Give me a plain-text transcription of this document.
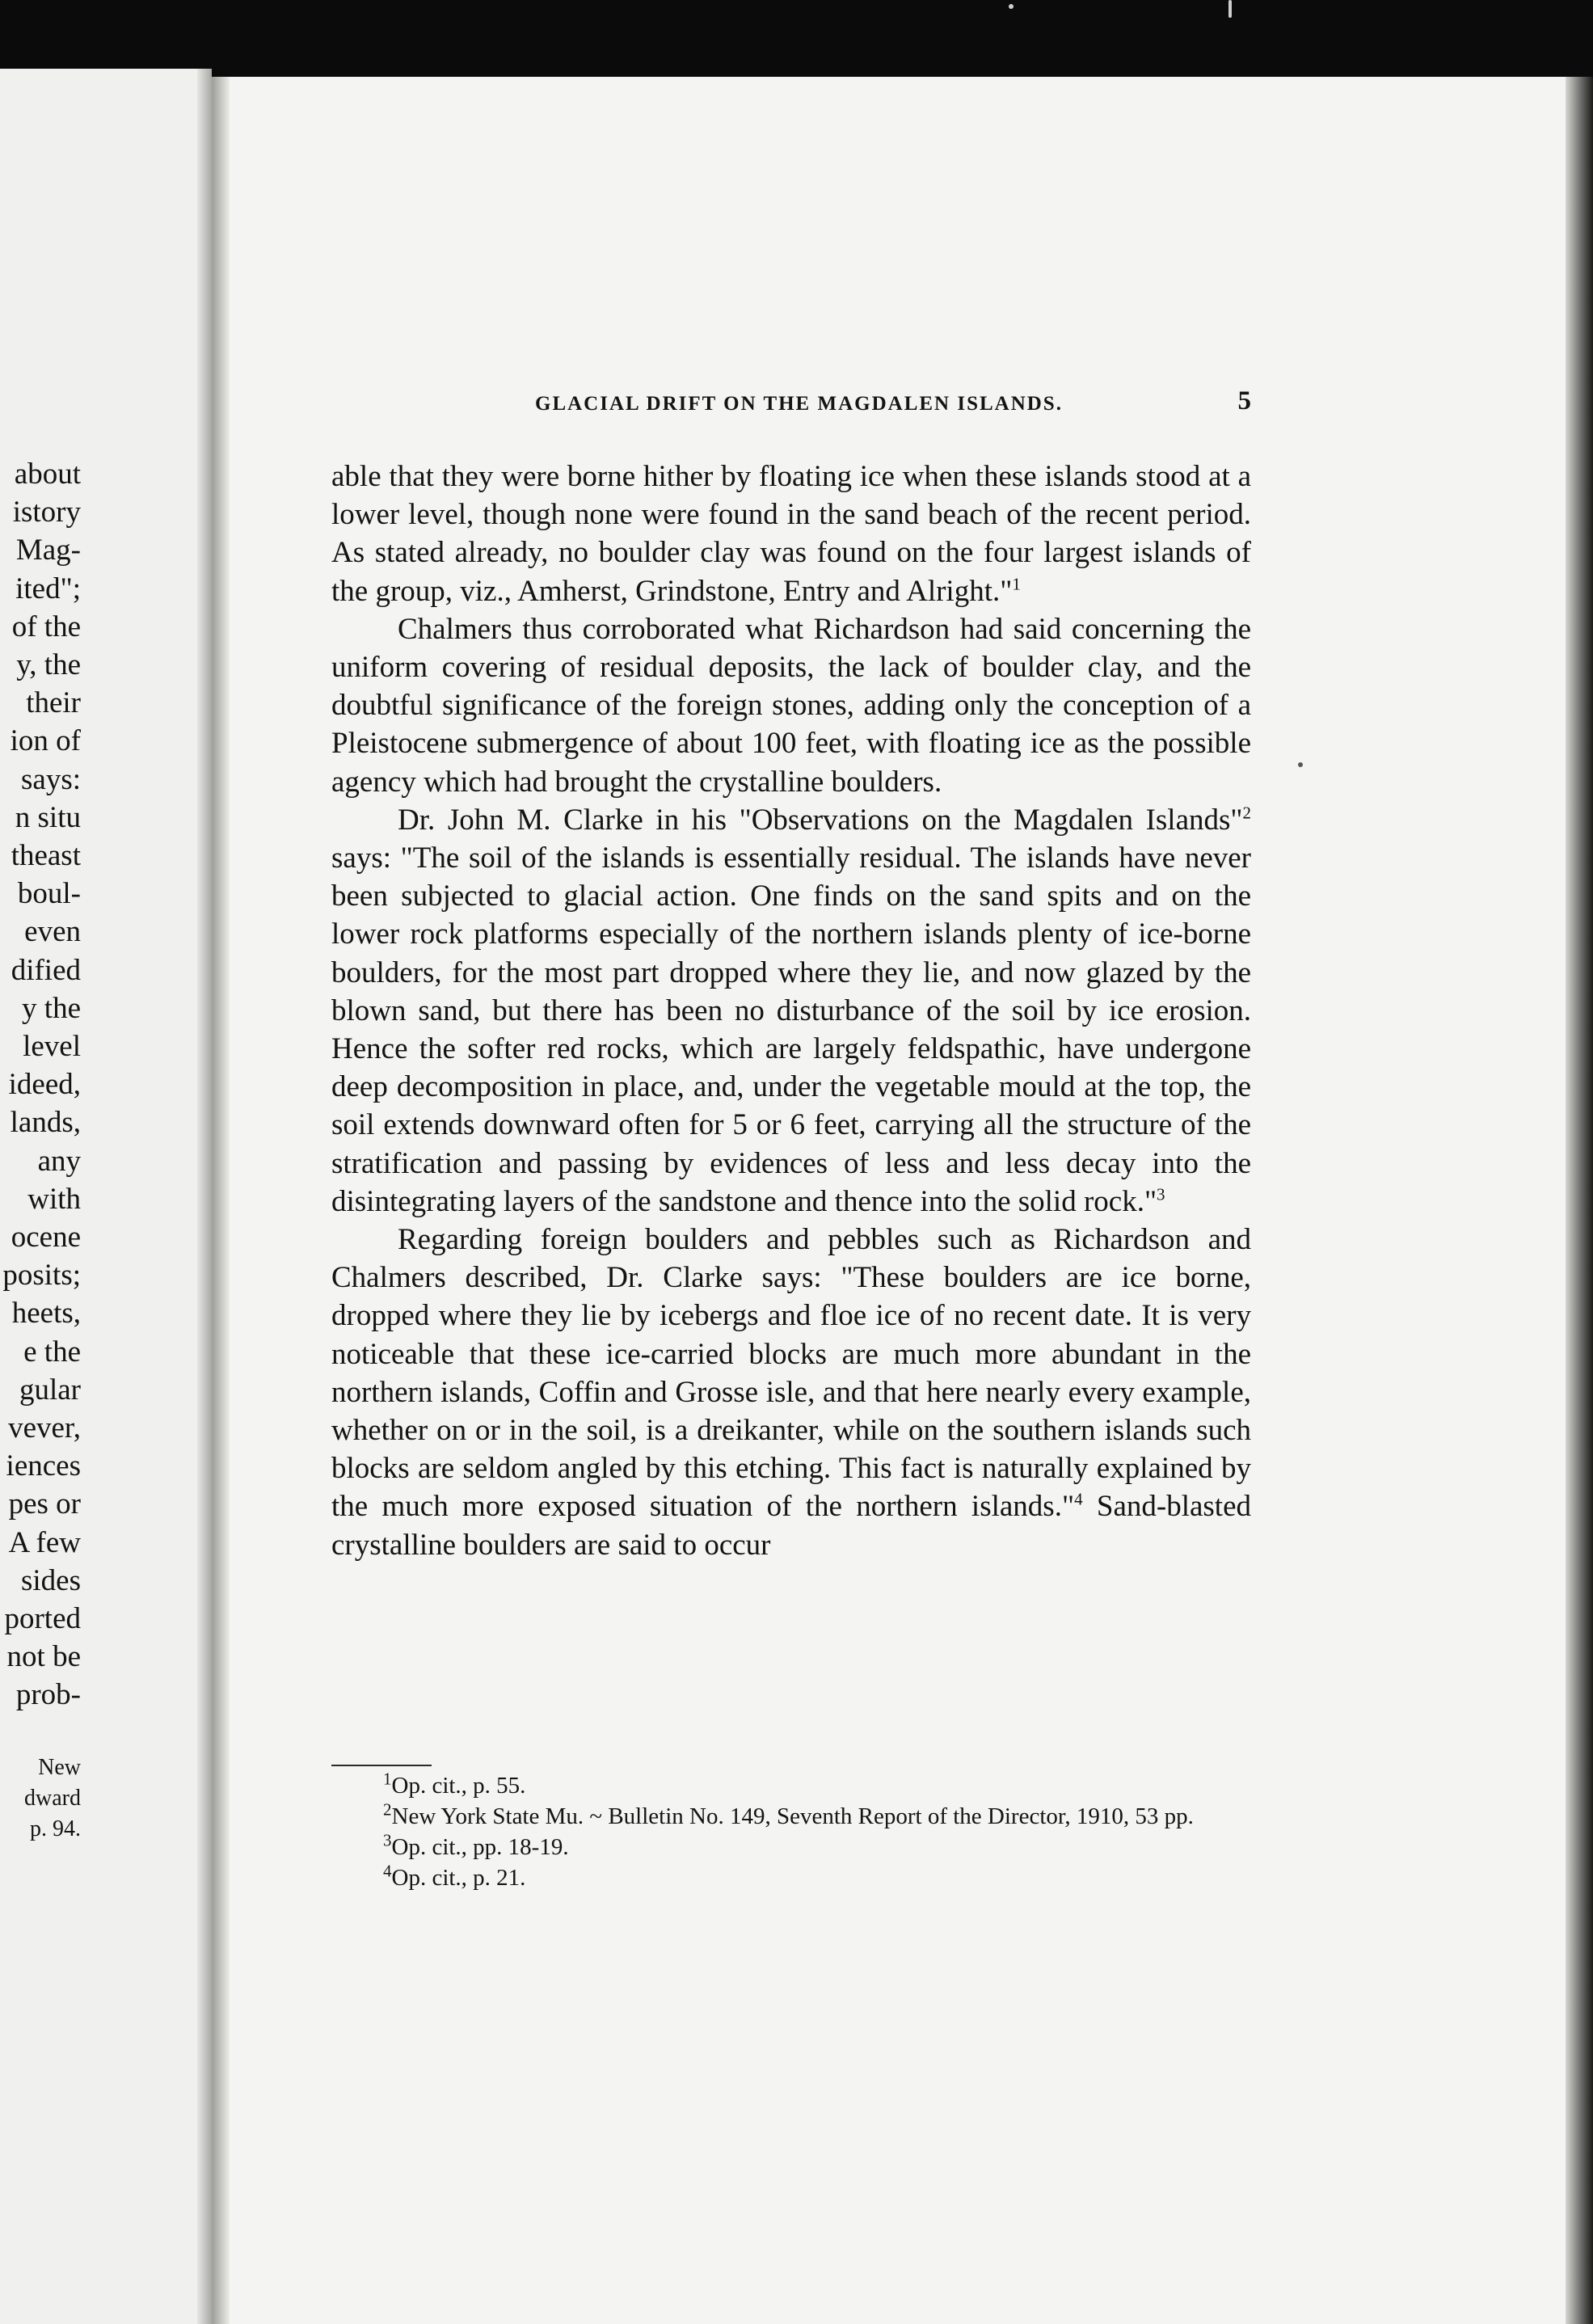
about

istory

Mag-

ited";

of the

y, the

their

ion of

says:

n situ

theast

boul-

even

dified

y the

level

ideed,

lands,

any

with

ocene

posits;

heets,

e the

gular

vever,

iences

pes or

A few

sides

ported

not be

prob-

New

dward

p. 94.

GLACIAL DRIFT ON THE MAGDALEN ISLANDS.	5

able that they were borne hither by floating ice when these islands stood at a lower level, though none were found in the sand beach of the recent period. As stated already, no boulder clay was found on the four largest islands of the group, viz., Amherst, Grindstone, Entry and Alright."$^1$

Chalmers thus corroborated what Richardson had said concerning the uniform covering of residual deposits, the lack of boulder clay, and the doubtful significance of the foreign stones, adding only the conception of a Pleistocene submergence of about 100 feet, with floating ice as the possible agency which had brought the crystalline boulders.

Dr. John M. Clarke in his "Observations on the Magdalen Islands"$^2$ says: "The soil of the islands is essentially residual. The islands have never been subjected to glacial action. One finds on the sand spits and on the lower rock platforms especially of the northern islands plenty of ice-borne boulders, for the most part dropped where they lie, and now glazed by the blown sand, but there has been no disturbance of the soil by ice erosion. Hence the softer red rocks, which are largely feldspathic, have undergone deep decomposition in place, and, under the vegetable mould at the top, the soil extends downward often for 5 or 6 feet, carrying all the structure of the stratification and passing by evidences of less and less decay into the disintegrating layers of the sandstone and thence into the solid rock."$^3$

Regarding foreign boulders and pebbles such as Richardson and Chalmers described, Dr. Clarke says: "These boulders are ice borne, dropped where they lie by icebergs and floe ice of no recent date. It is very noticeable that these ice-carried blocks are much more abundant in the northern islands, Coffin and Grosse isle, and that here nearly every example, whether on or in the soil, is a dreikanter, while on the southern islands such blocks are seldom angled by this etching. This fact is naturally explained by the much more exposed situation of the northern islands."$^4$ Sand-blasted crystalline boulders are said to occur

$^1$Op. cit., p. 55.

$^2$New York State Mu. ~ Bulletin No. 149, Seventh Report of the Director, 1910, 53 pp.

$^3$Op. cit., pp. 18-19.

$^4$Op. cit., p. 21.
